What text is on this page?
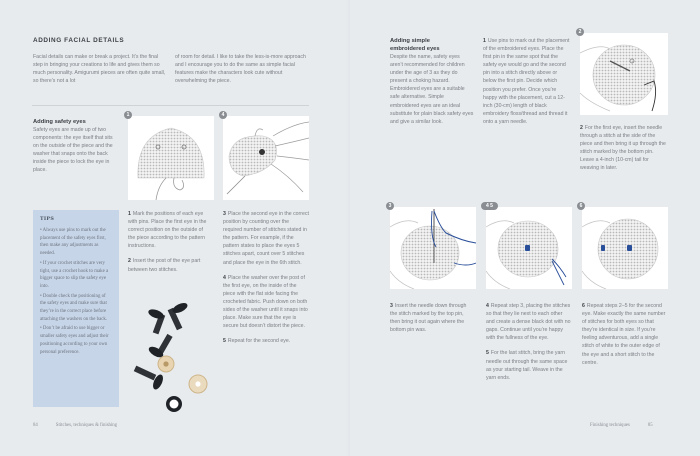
ADDING FACIAL DETAILS
Facial details can make or break a project. It’s the final step in bringing your creations to life and gives them so much personality. Amigurumi pieces are often quite small, so there’s not a lot
of room for detail. I like to take the less-is-more approach and I encourage you to do the same as simple facial features make the characters look cute without overwhelming the piece.
Adding safety eyes
Safety eyes are made up of two components: the eye itself that sits on the outside of the piece and the washer that snaps onto the back inside the piece to lock the eye in place.
1	4
TIPS
• Always use pins to mark out the placement of the safety eyes first, then make any adjustments as needed.
• If your crochet stitches are very tight, use a crochet hook to make a bigger space to slip the safety eye into.
• Double check the positioning of the safety eyes and make sure that they’re in the correct place before attaching the washers on the back.
• Don’t be afraid to use bigger or smaller safety eyes and adjust their positioning according to your own personal preference.
1 Mark the positions of each eye with pins. Place the first eye in the correct position on the outside of the piece according to the pattern instructions.
2 Insert the post of the eye part between two stitches.
3 Place the second eye in the correct position by counting over the required number of stitches stated in the pattern. For example, if the pattern states to place the eyes 5 stitches apart, count over 5 stitches and place the eye in the 6th stitch.
4 Place the washer over the post of the first eye, on the inside of the piece with the flat side facing the crocheted fabric. Push down on both sides of the washer until it snaps into place. Make sure that the eye is secure but doesn’t distort the piece.
5 Repeat for the second eye.
84	Stitches, techniques & finishing
Adding simple embroidered eyes
Despite the name, safety eyes aren’t recommended for children under the age of 3 as they do present a choking hazard. Embroidered eyes are a suitable safe alternative. Simple embroidered eyes are an ideal substitute for plain black safety eyes and give a similar look.
1 Use pins to mark out the placement of the embroidered eyes. Place the first pin in the same spot that the safety eye would go and the second pin into a stitch directly above or below the first pin. Decide which position you prefer. Once you’re happy with the placement, cut a 12-inch (30-cm) length of black embroidery floss/thread and thread it onto a yarn needle.
2
2 For the first eye, insert the needle through a stitch at the side of the piece and then bring it up through the stitch marked by the bottom pin. Leave a 4-inch (10-cm) tail for weaving in later.
3	4 5	6
3 Insert the needle down through the stitch marked by the top pin, then bring it out again where the bottom pin was.
4 Repeat step 3, placing the stitches so that they lie next to each other and create a dense black dot with no gaps. Continue until you’re happy with the fullness of the eye.
5 For the last stitch, bring the yarn needle out through the same space as your starting tail. Weave in the yarn ends.
6 Repeat steps 2–5 for the second eye. Make exactly the same number of stitches for both eyes so that they’re identical in size. If you’re feeling adventurous, add a single stitch of white to the outer edge of the eye and a short stitch to the centre.
Finishing techniques	85
